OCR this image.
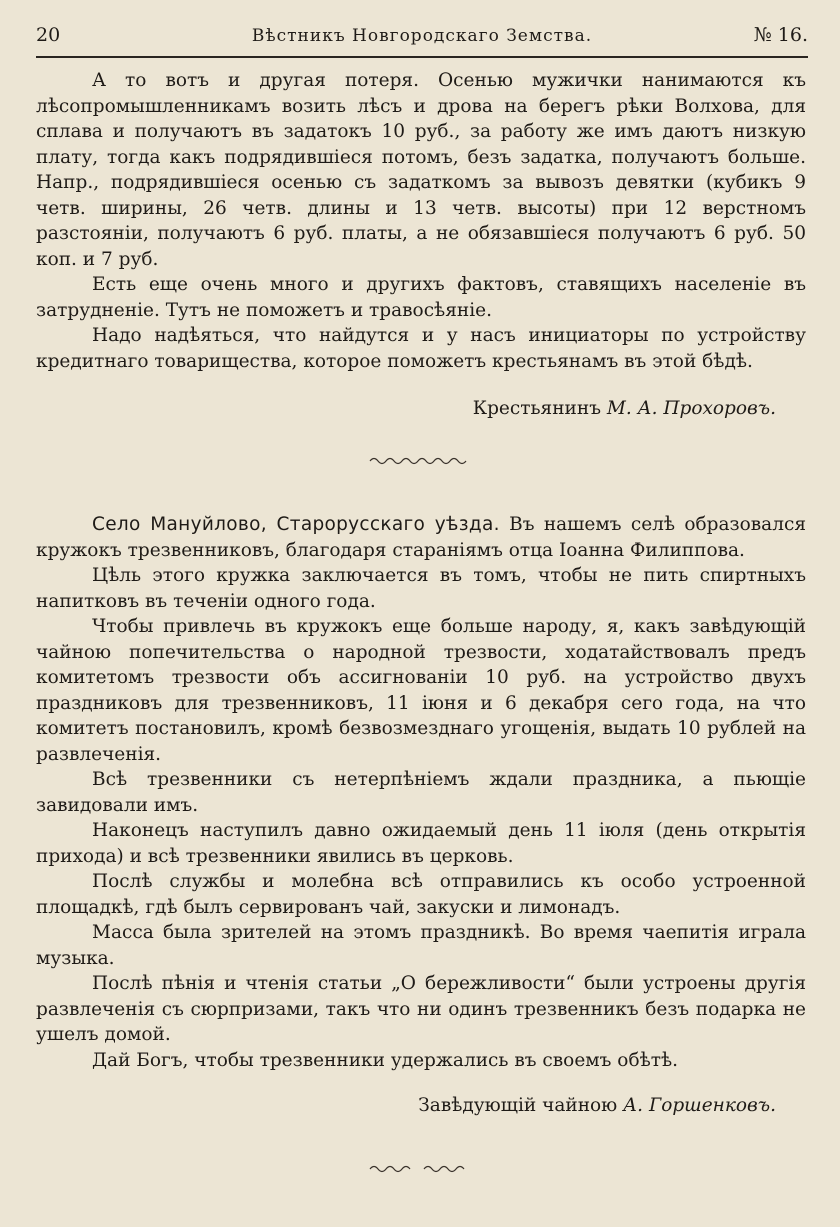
20	Вѣстникъ Новгородскаго Земства.	№ 16.

А то вотъ и другая потеря. Осенью мужички нанимаются къ лѣсопромышленникамъ возить лѣсъ и дрова на берегъ рѣки Волхова, для сплава и получаютъ въ задатокъ 10 руб., за работу же имъ даютъ низкую плату, тогда какъ подрядившiеся потомъ, безъ задатка, получаютъ больше. Напр., подрядившiеся осенью съ задаткомъ за вывозъ девятки (кубикъ 9 четв. ширины, 26 четв. длины и 13 четв. высоты) при 12 верстномъ разстоянiи, получаютъ 6 руб. платы, а не обязавшiеся получаютъ 6 руб. 50 коп. и 7 руб.

Есть еще очень много и другихъ фактовъ, ставящихъ населенiе въ затрудненiе. Тутъ не поможетъ и травосѣянiе.

Надо надѣяться, что найдутся и у насъ инициаторы по устройству кредитнаго товарищества, которое поможетъ крестьянамъ въ этой бѣдѣ.

Крестьянинъ М. А. Прохоровъ.

Село Мануйлово, Старорусскаго уѣзда. Въ нашемъ селѣ образовался кружокъ трезвенниковъ, благодаря стараніямъ отца Iоанна Филиппова.

Цѣль этого кружка заключается въ томъ, чтобы не пить спиртныхъ напитковъ въ теченiи одного года.

Чтобы привлечь въ кружокъ еще больше народу, я, какъ завѣдующiй чайною попечительства о народной трезвости, ходатайствовалъ предъ комитетомъ трезвости объ ассигнованiи 10 руб. на устройство двухъ праздниковъ для трезвенниковъ, 11 iюня и 6 декабря сего года, на что комитетъ постановилъ, кромѣ безвозмезднаго угощенiя, выдать 10 рублей на развлеченiя.

Всѣ трезвенники съ нетерпѣнiемъ ждали праздника, а пьющiе завидовали имъ.

Наконецъ наступилъ давно ожидаемый день 11 iюля (день открытiя прихода) и всѣ трезвенники явились въ церковь.

Послѣ службы и молебна всѣ отправились къ особо устроенной площадкѣ, гдѣ былъ сервированъ чай, закуски и лимонадъ.

Масса была зрителей на этомъ праздникѣ. Во время чаепитiя играла музыка.

Послѣ пѣнiя и чтенiя статьи „О бережливости“ были устроены другiя развлеченiя съ сюрпризами, такъ что ни одинъ трезвенникъ безъ подарка не ушелъ домой.

Дай Богъ, чтобы трезвенники удержались въ своемъ обѣтѣ.

Завѣдующiй чайною А. Горшенковъ.
